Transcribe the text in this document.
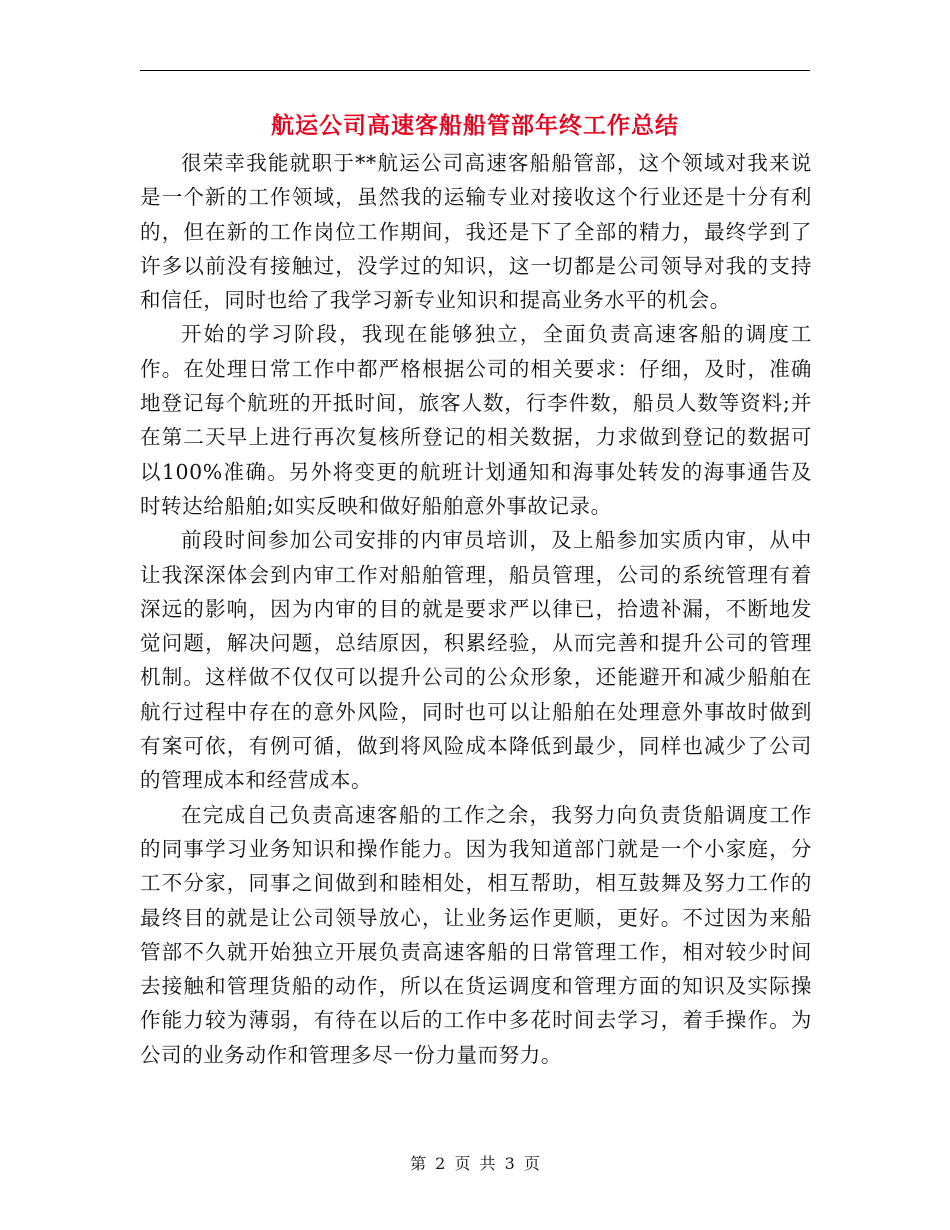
航运公司高速客船船管部年终工作总结

很荣幸我能就职于**航运公司高速客船船管部，这个领域对我来说是一个新的工作领域，虽然我的运输专业对接收这个行业还是十分有利的，但在新的工作岗位工作期间，我还是下了全部的精力，最终学到了许多以前没有接触过，没学过的知识，这一切都是公司领导对我的支持和信任，同时也给了我学习新专业知识和提高业务水平的机会。

开始的学习阶段，我现在能够独立，全面负责高速客船的调度工作。在处理日常工作中都严格根据公司的相关要求：仔细，及时，准确地登记每个航班的开抵时间，旅客人数，行李件数，船员人数等资料;并在第二天早上进行再次复核所登记的相关数据，力求做到登记的数据可以100%准确。另外将变更的航班计划通知和海事处转发的海事通告及时转达给船舶;如实反映和做好船舶意外事故记录。

前段时间参加公司安排的内审员培训，及上船参加实质内审，从中让我深深体会到内审工作对船舶管理，船员管理，公司的系统管理有着深远的影响，因为内审的目的就是要求严以律已，拾遗补漏，不断地发觉问题，解决问题，总结原因，积累经验，从而完善和提升公司的管理机制。这样做不仅仅可以提升公司的公众形象，还能避开和减少船舶在航行过程中存在的意外风险，同时也可以让船舶在处理意外事故时做到有案可依，有例可循，做到将风险成本降低到最少，同样也减少了公司的管理成本和经营成本。

在完成自己负责高速客船的工作之余，我努力向负责货船调度工作的同事学习业务知识和操作能力。因为我知道部门就是一个小家庭，分工不分家，同事之间做到和睦相处，相互帮助，相互鼓舞及努力工作的最终目的就是让公司领导放心，让业务运作更顺，更好。不过因为来船管部不久就开始独立开展负责高速客船的日常管理工作，相对较少时间去接触和管理货船的动作，所以在货运调度和管理方面的知识及实际操作能力较为薄弱，有待在以后的工作中多花时间去学习，着手操作。为公司的业务动作和管理多尽一份力量而努力。

第 2 页 共 3 页
